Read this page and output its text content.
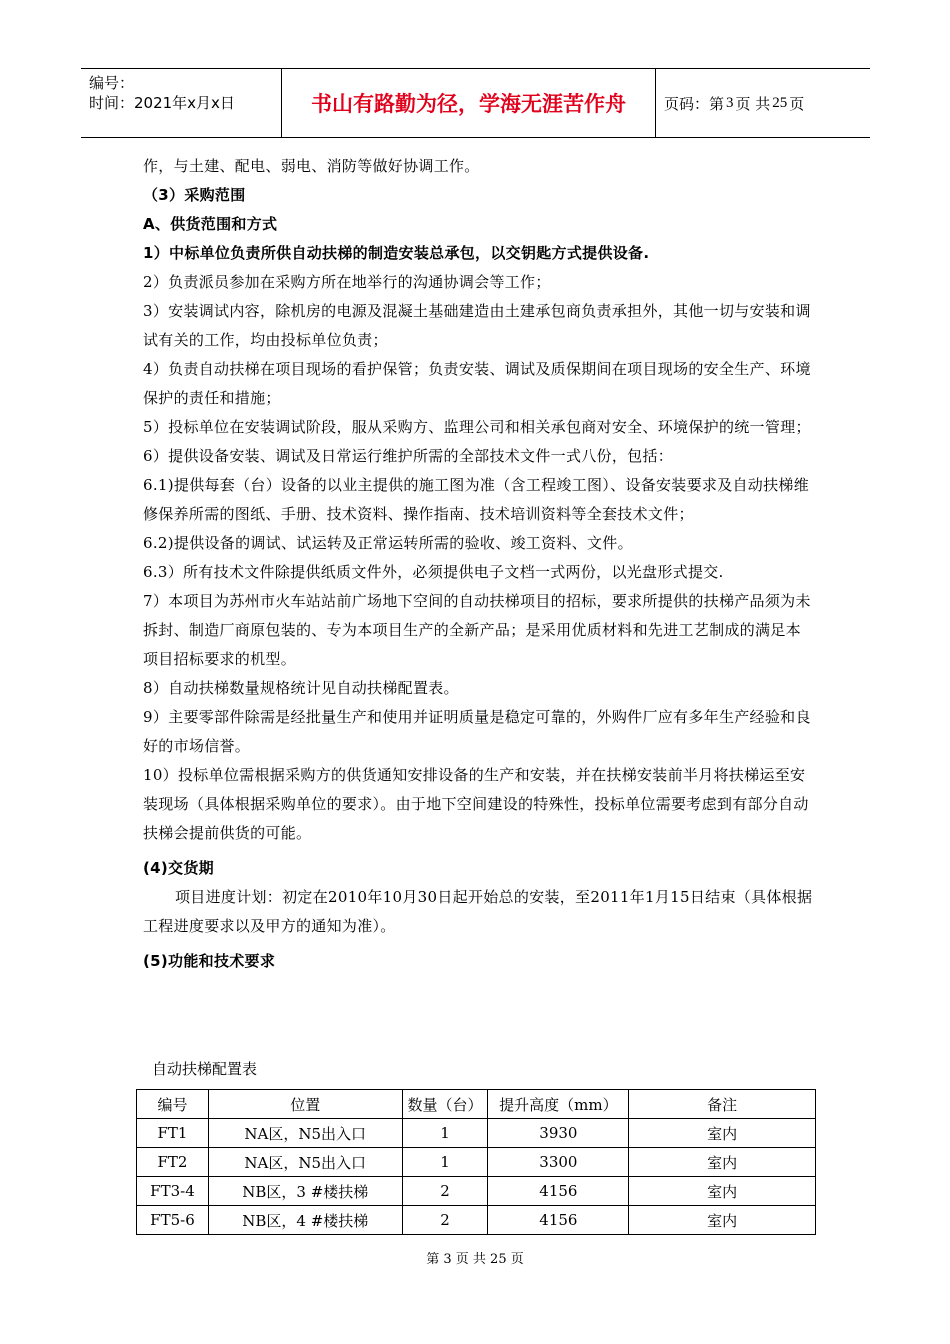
编号：
时间：2021年x月x日	书山有路勤为径，学海无涯苦作舟	页码：第 3 页 共 25 页

作，与土建、配电、弱电、消防等做好协调工作。

（3）采购范围

A、供货范围和方式

1）中标单位负责所供自动扶梯的制造安装总承包，以交钥匙方式提供设备.

2）负责派员参加在采购方所在地举行的沟通协调会等工作；

3）安装调试内容，除机房的电源及混凝土基础建造由土建承包商负责承担外，其他一切与安装和调试有关的工作，均由投标单位负责；

4）负责自动扶梯在项目现场的看护保管；负责安装、调试及质保期间在项目现场的安全生产、环境保护的责任和措施；

5）投标单位在安装调试阶段，服从采购方、监理公司和相关承包商对安全、环境保护的统一管理；

6）提供设备安装、调试及日常运行维护所需的全部技术文件一式八份，包括：

6.1)提供每套（台）设备的以业主提供的施工图为准（含工程竣工图）、设备安装要求及自动扶梯维修保养所需的图纸、手册、技术资料、操作指南、技术培训资料等全套技术文件；

6.2)提供设备的调试、试运转及正常运转所需的验收、竣工资料、文件。

6.3）所有技术文件除提供纸质文件外，必须提供电子文档一式两份，以光盘形式提交.

7）本项目为苏州市火车站站前广场地下空间的自动扶梯项目的招标，要求所提供的扶梯产品须为未拆封、制造厂商原包装的、专为本项目生产的全新产品；是采用优质材料和先进工艺制成的满足本项目招标要求的机型。

8）自动扶梯数量规格统计见自动扶梯配置表。

9）主要零部件除需是经批量生产和使用并证明质量是稳定可靠的，外购件厂应有多年生产经验和良好的市场信誉。

10）投标单位需根据采购方的供货通知安排设备的生产和安装，并在扶梯安装前半月将扶梯运至安装现场（具体根据采购单位的要求）。由于地下空间建设的特殊性，投标单位需要考虑到有部分自动扶梯会提前供货的可能。

(4)交货期

项目进度计划：初定在2010年10月30日起开始总的安装，至2011年1月15日结束（具体根据工程进度要求以及甲方的通知为准）。

(5)功能和技术要求

自动扶梯配置表
编号	位置	数量（台）	提升高度（mm）	备注
FT1	NA区，N5出入口	1	3930	室内
FT2	NA区，N5出入口	1	3300	室内
FT3-4	NB区，3 #楼扶梯	2	4156	室内
FT5-6	NB区，4 #楼扶梯	2	4156	室内
第 3 页 共 25 页
